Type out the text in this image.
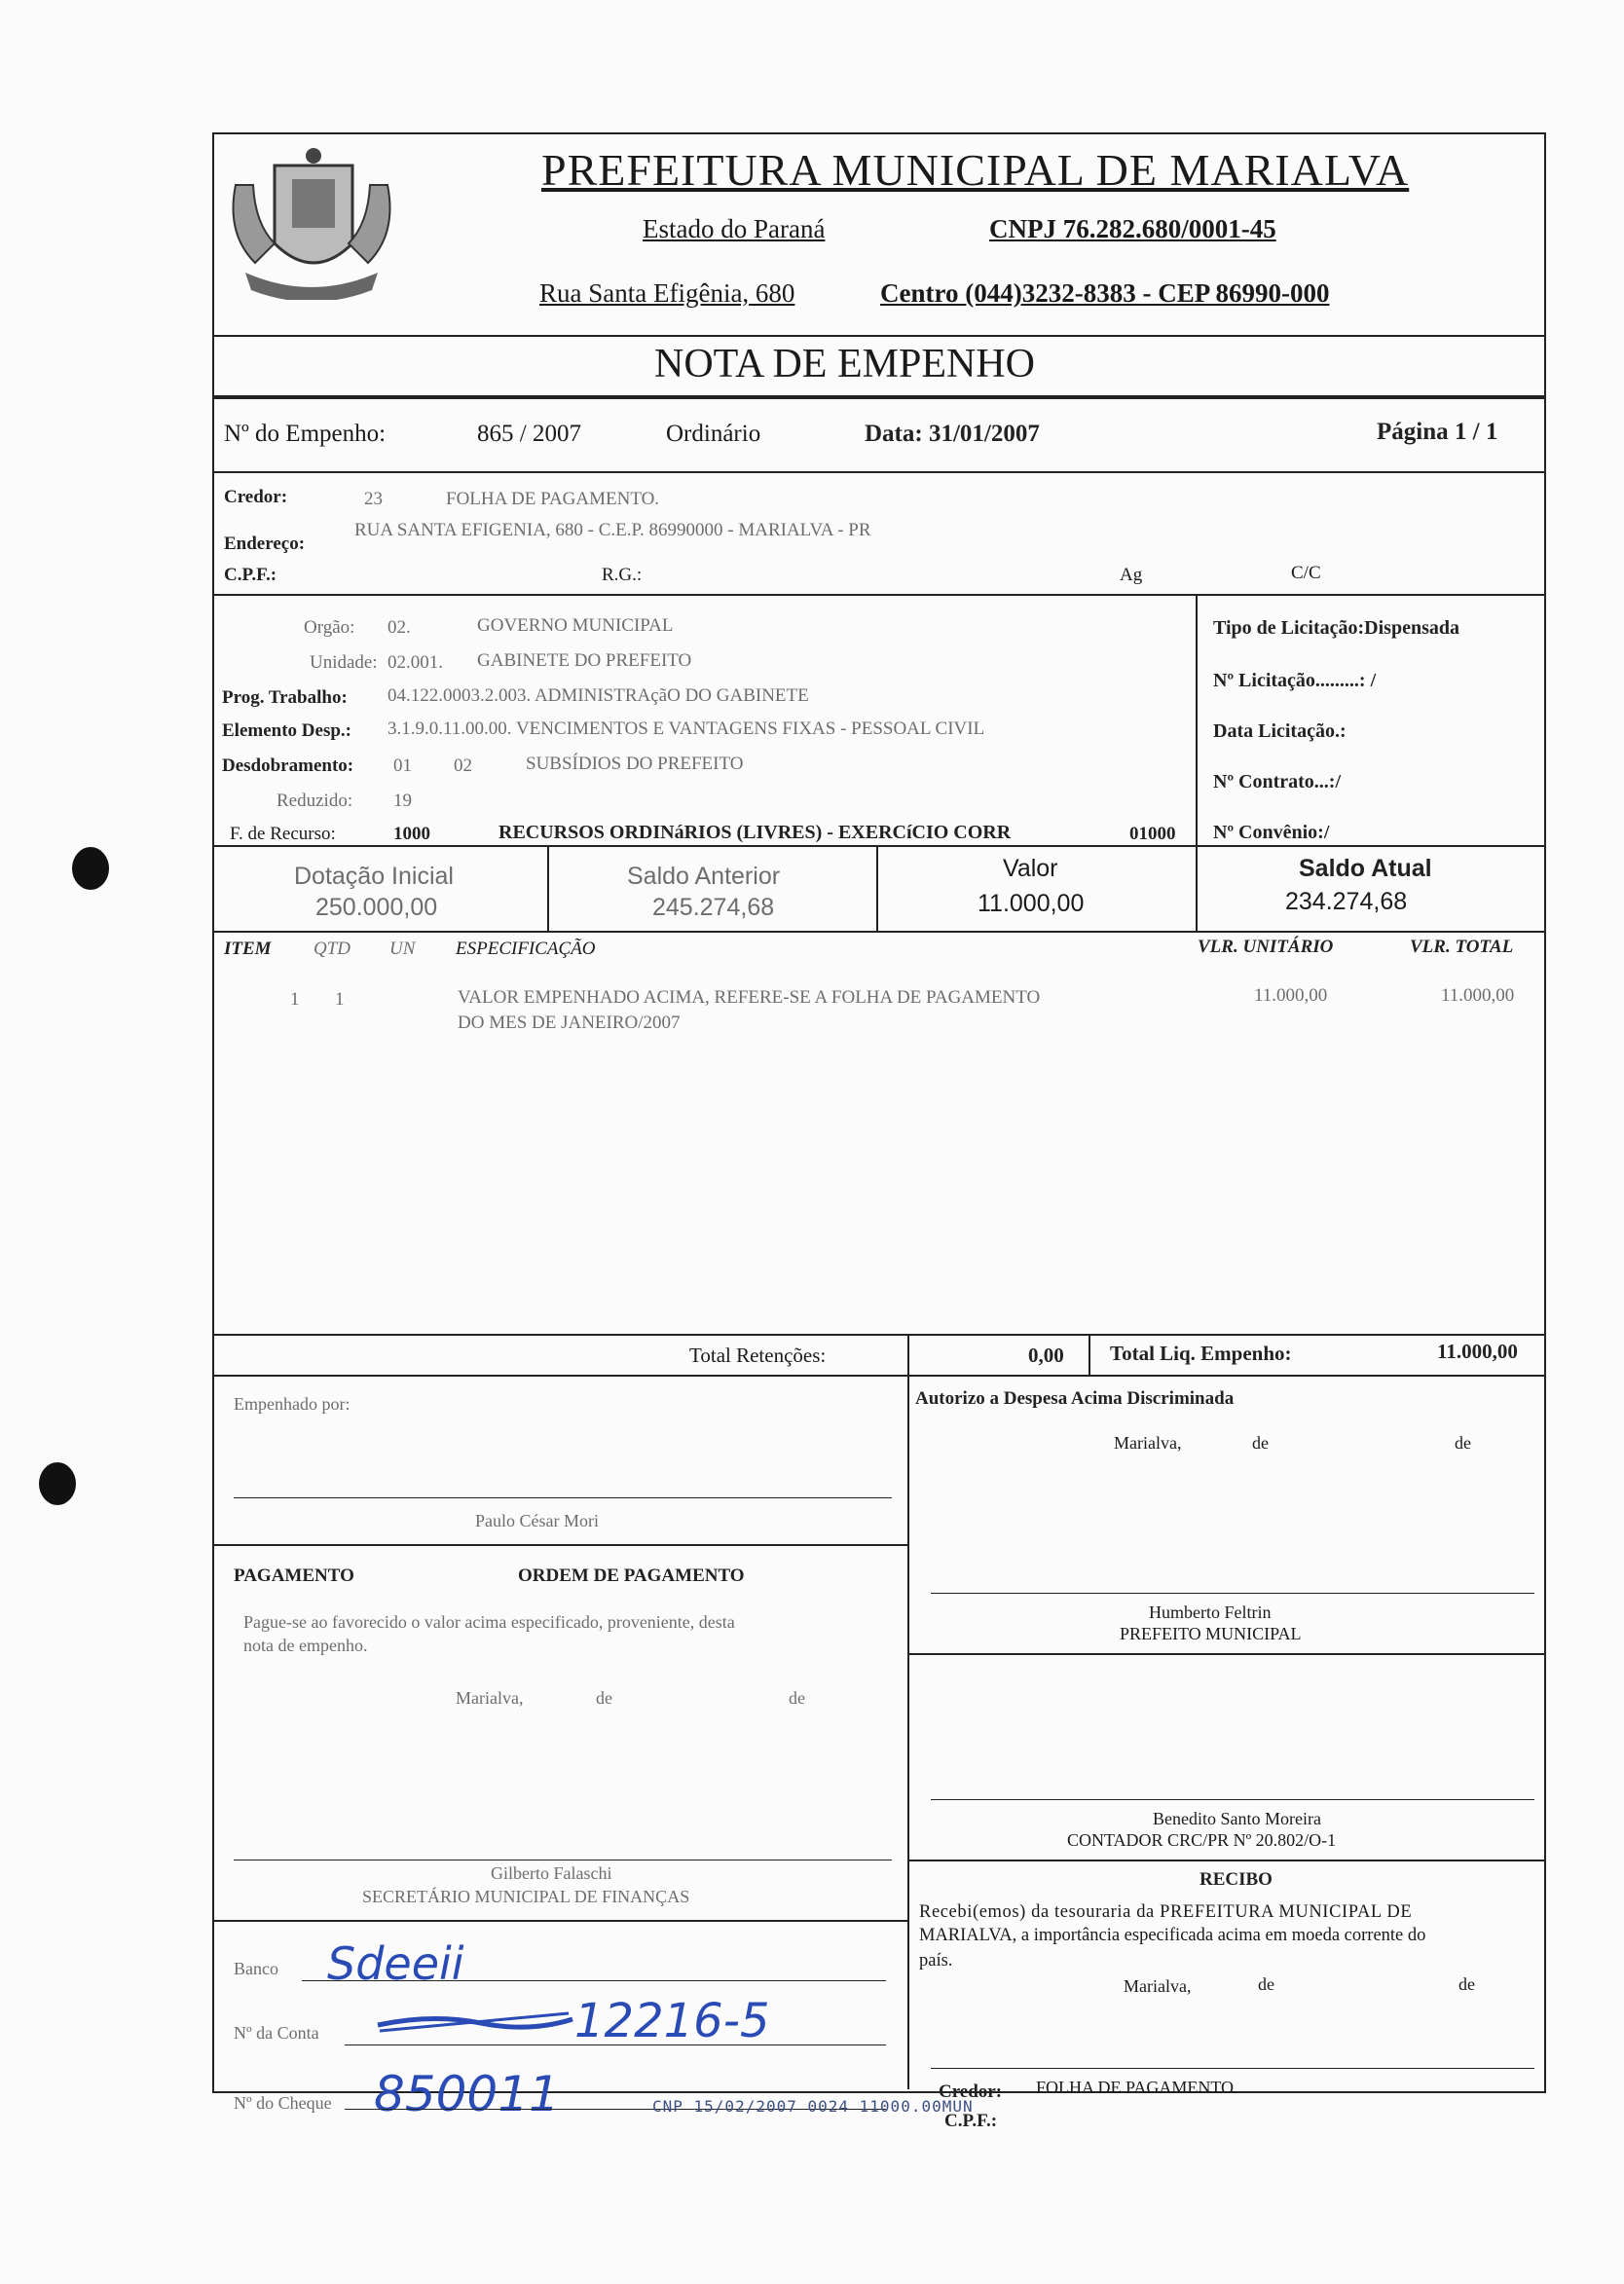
PREFEITURA MUNICIPAL DE MARIALVA
Estado do Paraná	CNPJ 76.282.680/0001-45
Rua Santa Efigênia, 680	Centro (044)3232-8383 - CEP 86990-000
NOTA DE EMPENHO
Nº do Empenho:	865 / 2007	Ordinário	Data: 31/01/2007	Página 1 / 1
Credor:	23	FOLHA DE PAGAMENTO.
Endereço:
RUA SANTA EFIGENIA, 680 - C.E.P. 86990000 - MARIALVA - PR
C.P.F.:	R.G.:	Ag	C/C
Orgão: 02.	GOVERNO MUNICIPAL
Unidade: 02.001. GABINETE DO PREFEITO
Prog. Trabalho: 04.122.0003.2.003. ADMINISTRAçãO DO GABINETE
Elemento Desp.: 3.1.9.0.11.00.00. VENCIMENTOS E VANTAGENS FIXAS - PESSOAL CIVIL
Desdobramento: 01 02	SUBSÍDIOS DO PREFEITO
Reduzido: 19
F. de Recurso:	1000	RECURSOS ORDINáRIOS (LIVRES) - EXERCíCIO CORR	01000
Tipo de Licitação:Dispensada
Nº Licitação.........: /
Data Licitação.:
Nº Contrato...:/
Nº Convênio:/
Dotação Inicial
250.000,00
Saldo Anterior
245.274,68
Valor
11.000,00
Saldo Atual
234.274,68
ITEM QTD UN ESPECIFICAÇÃO	VLR. UNITÁRIO	VLR. TOTAL
1 1	VALOR EMPENHADO ACIMA, REFERE-SE A FOLHA DE PAGAMENTO
DO MES DE JANEIRO/2007
11.000,00	11.000,00
Total Retenções:	0,00 Total Liq. Empenho:	11.000,00
Empenhado por:
Paulo César Mori
PAGAMENTO	ORDEM DE PAGAMENTO
Pague-se ao favorecido o valor acima especificado, proveniente, desta
nota de empenho.
Marialva,	de	de
Gilberto Falaschi
SECRETÁRIO MUNICIPAL DE FINANÇAS
Banco Sdeeii
Nº da Conta	12216-5
Nº do Cheque 850011
Autorizo a Despesa Acima Discriminada
Marialva,	de	de
Humberto Feltrin
PREFEITO MUNICIPAL
Benedito Santo Moreira
CONTADOR CRC/PR Nº 20.802/O-1
RECIBO
Recebi(emos) da tesouraria da PREFEITURA MUNICIPAL DE
MARIALVA, a importância especificada acima em moeda corrente do
país.
Marialva,	de	de
Credor: FOLHA DE PAGAMENTO.
C.P.F.:
CNP 15/02/2007 0024 11000.00MUN
